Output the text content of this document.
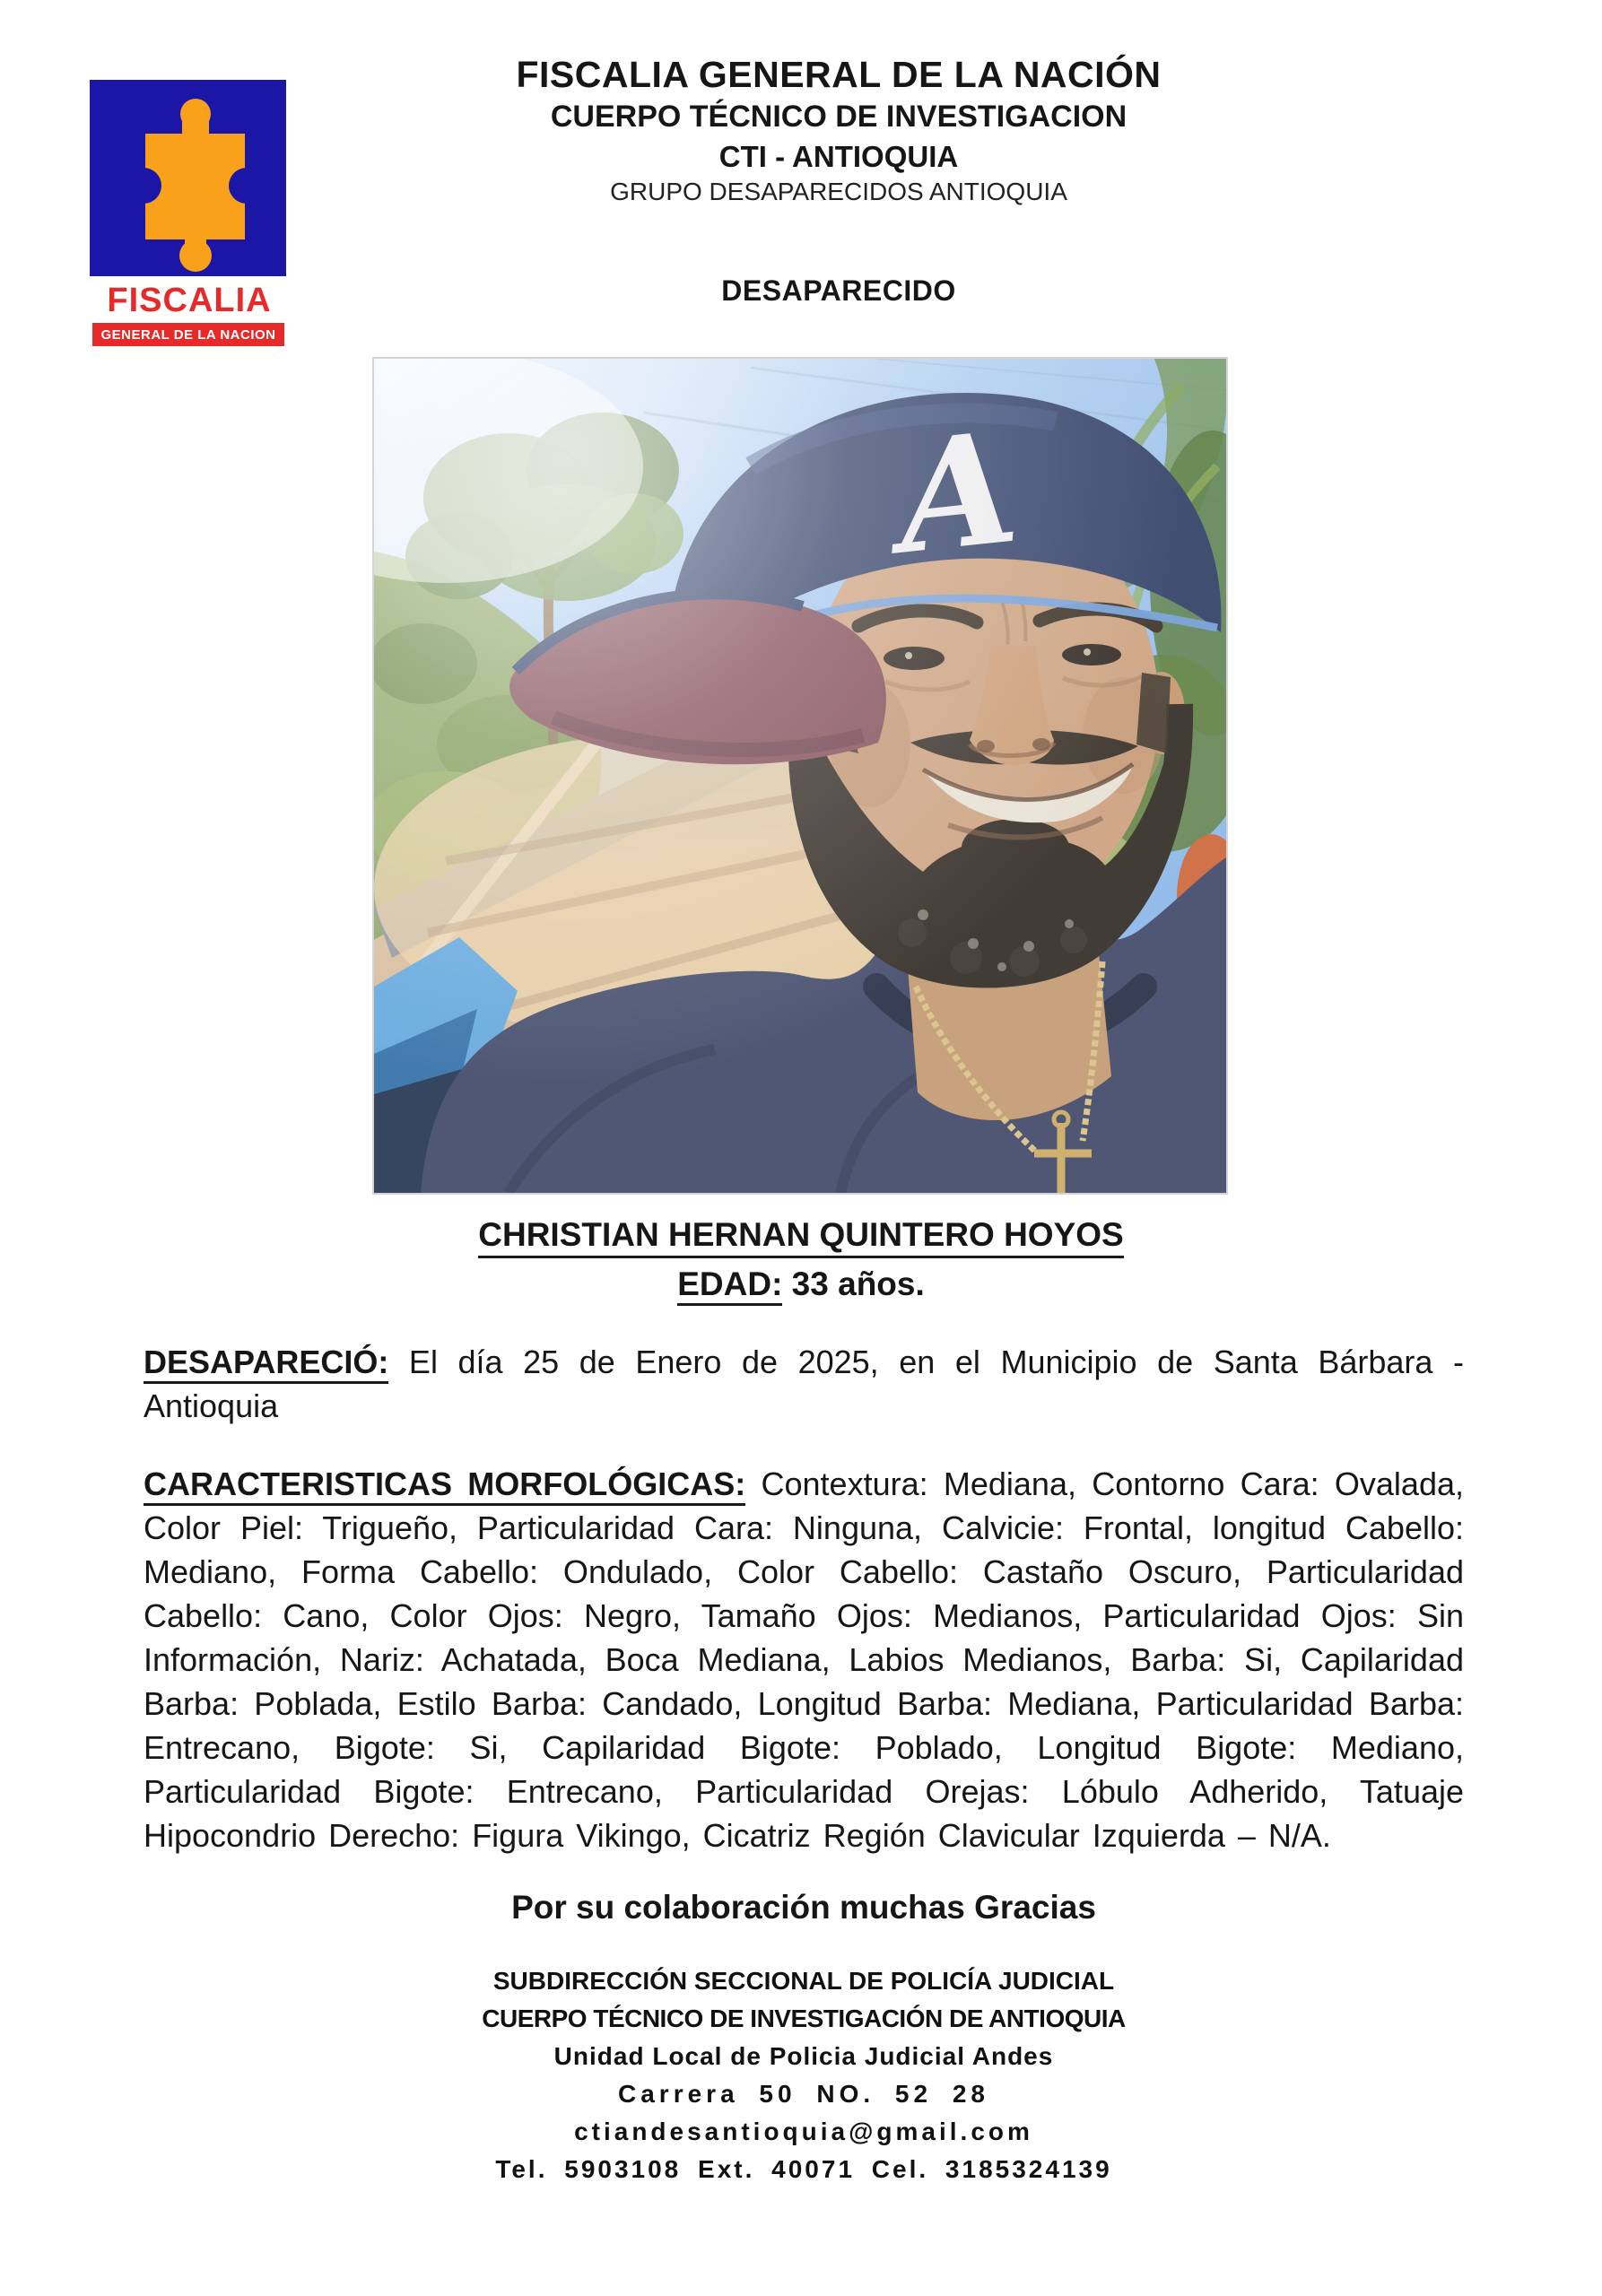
FISCALIA
GENERAL DE LA NACION
FISCALIA GENERAL DE LA NACIÓN
CUERPO TÉCNICO DE INVESTIGACION
CTI - ANTIOQUIA
GRUPO DESAPARECIDOS ANTIOQUIA
DESAPARECIDO
CHRISTIAN HERNAN QUINTERO HOYOS
EDAD: 33 años.
DESAPARECIÓ: El día 25 de Enero de 2025, en el Municipio de Santa Bárbara - Antioquia
CARACTERISTICAS MORFOLÓGICAS: Contextura: Mediana, Contorno Cara: Ovalada, Color Piel: Trigueño, Particularidad Cara: Ninguna, Calvicie: Frontal, longitud Cabello: Mediano, Forma Cabello: Ondulado, Color Cabello: Castaño Oscuro, Particularidad Cabello: Cano, Color Ojos: Negro, Tamaño Ojos: Medianos, Particularidad Ojos: Sin Información, Nariz: Achatada, Boca Mediana, Labios Medianos, Barba: Si, Capilaridad Barba: Poblada, Estilo Barba: Candado, Longitud Barba: Mediana, Particularidad Barba: Entrecano, Bigote: Si, Capilaridad Bigote: Poblado, Longitud Bigote: Mediano, Particularidad Bigote: Entrecano, Particularidad Orejas: Lóbulo Adherido, Tatuaje Hipocondrio Derecho: Figura Vikingo, Cicatriz Región Clavicular Izquierda – N/A.
Por su colaboración muchas Gracias
SUBDIRECCIÓN SECCIONAL DE POLICÍA JUDICIAL
CUERPO TÉCNICO DE INVESTIGACIÓN DE ANTIOQUIA
Unidad Local de Policia Judicial Andes
Carrera 50 NO. 52 28
ctiandesantioquia@gmail.com
Tel. 5903108 Ext. 40071 Cel. 3185324139
